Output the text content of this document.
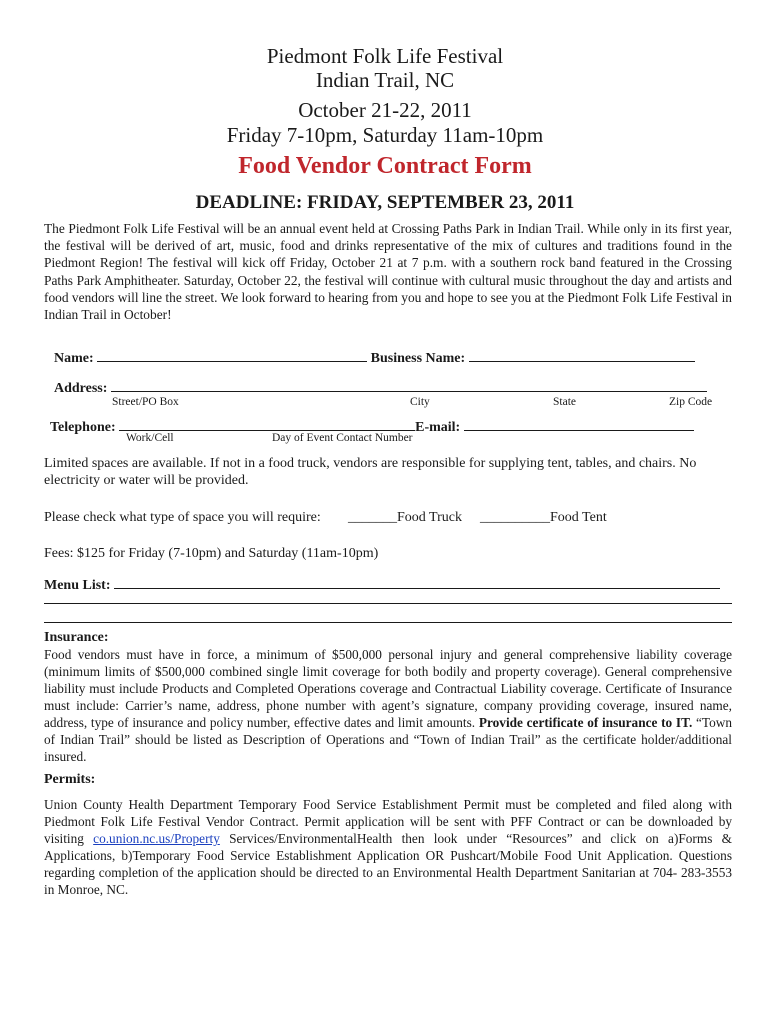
Piedmont Folk Life Festival
Indian Trail, NC
October 21-22, 2011
Friday 7-10pm, Saturday 11am-10pm
Food Vendor Contract Form
DEADLINE: FRIDAY, SEPTEMBER 23, 2011
The Piedmont Folk Life Festival will be an annual event held at Crossing Paths Park in Indian Trail. While only in its first year, the festival will be derived of art, music, food and drinks representative of the mix of cultures and traditions found in the Piedmont Region! The festival will kick off Friday, October 21 at 7 p.m. with a southern rock band featured in the Crossing Paths Park Amphitheater. Saturday, October 22, the festival will continue with cultural music throughout the day and artists and food vendors will line the street. We look forward to hearing from you and hope to see you at the Piedmont Folk Life Festival in Indian Trail in October!
Name:	Business Name:
Address:
Street/PO Box	City	State	Zip Code
Telephone:	E-mail:
Work/Cell	Day of Event Contact Number
Limited spaces are available. If not in a food truck, vendors are responsible for supplying tent, tables, and chairs. No electricity or water will be provided.
Please check what type of space you will require: _______Food Truck __________Food Tent
Fees: $125 for Friday (7-10pm) and Saturday (11am-10pm)
Menu List:
Insurance:
Food vendors must have in force, a minimum of $500,000 personal injury and general comprehensive liability coverage (minimum limits of $500,000 combined single limit coverage for both bodily and property coverage). General comprehensive liability must include Products and Completed Operations coverage and Contractual Liability coverage. Certificate of Insurance must include: Carrier’s name, address, phone number with agent’s signature, company providing coverage, insured name, address, type of insurance and policy number, effective dates and limit amounts. Provide certificate of insurance to IT. “Town of Indian Trail” should be listed as Description of Operations and “Town of Indian Trail” as the certificate holder/additional insured.
Permits:
Union County Health Department Temporary Food Service Establishment Permit must be completed and filed along with Piedmont Folk Life Festival Vendor Contract. Permit application will be sent with PFF Contract or can be downloaded by visiting co.union.nc.us/Property Services/EnvironmentalHealth then look under “Resources” and click on a)Forms & Applications, b)Temporary Food Service Establishment Application OR Pushcart/Mobile Food Unit Application. Questions regarding completion of the application should be directed to an Environmental Health Department Sanitarian at 704- 283-3553 in Monroe, NC.
